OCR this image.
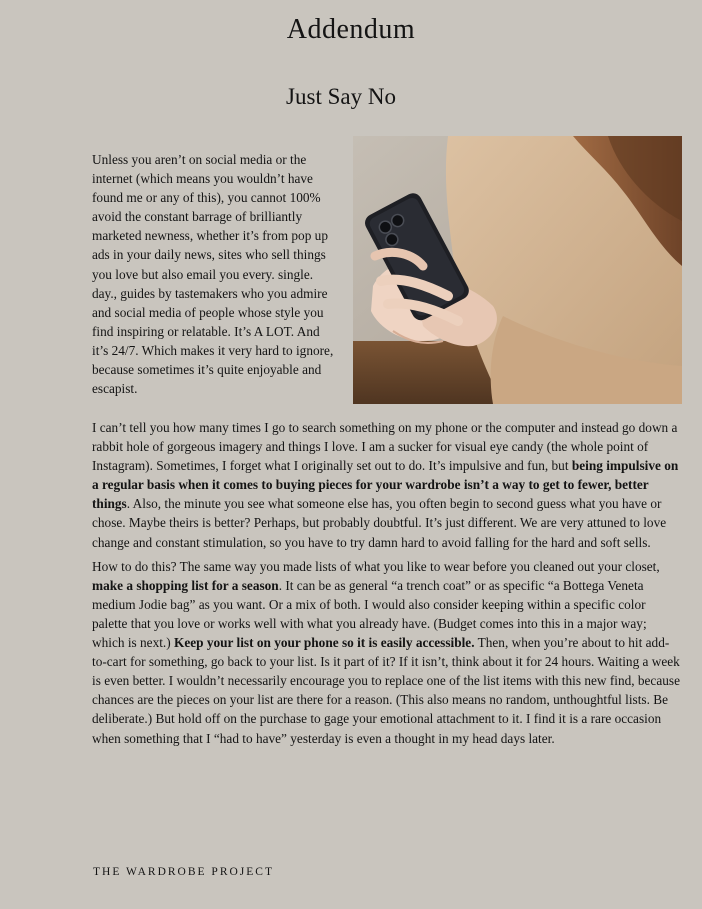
Addendum
Just Say No

Unless you aren’t on social media or the internet (which means you wouldn’t have found me or any of this), you cannot 100% avoid the constant barrage of brilliantly marketed newness, whether it’s from pop up ads in your daily news, sites who sell things you love but also email you every. single. day., guides by tastemakers who you admire and social media of people whose style you find inspiring or relatable. It’s A LOT. And it’s 24/7. Which makes it very hard to ignore, because sometimes it’s quite enjoyable and escapist.

I can’t tell you how many times I go to search something on my phone or the computer and instead go down a rabbit hole of gorgeous imagery and things I love. I am a sucker for visual eye candy (the whole point of Instagram). Sometimes, I forget what I originally set out to do. It’s impulsive and fun, but being impulsive on a regular basis when it comes to buying pieces for your wardrobe isn’t a way to get to fewer, better things. Also, the minute you see what someone else has, you often begin to second guess what you have or chose. Maybe theirs is better? Perhaps, but probably doubtful. It’s just different. We are very attuned to love change and constant stimulation, so you have to try damn hard to avoid falling for the hard and soft sells.

How to do this? The same way you made lists of what you like to wear before you cleaned out your closet, make a shopping list for a season. It can be as general “a trench coat” or as specific “a Bottega Veneta medium Jodie bag” as you want. Or a mix of both. I would also consider keeping within a specific color palette that you love or works well with what you already have. (Budget comes into this in a major way; which is next.) Keep your list on your phone so it is easily accessible. Then, when you’re about to hit add-to-cart for something, go back to your list. Is it part of it? If it isn’t, think about it for 24 hours. Waiting a week is even better. I wouldn’t necessarily encourage you to replace one of the list items with this new find, because chances are the pieces on your list are there for a reason. (This also means no random, unthoughtful lists. Be deliberate.) But hold off on the purchase to gage your emotional attachment to it. I find it is a rare occasion when something that I “had to have” yesterday is even a thought in my head days later.

THE WARDROBE PROJECT
